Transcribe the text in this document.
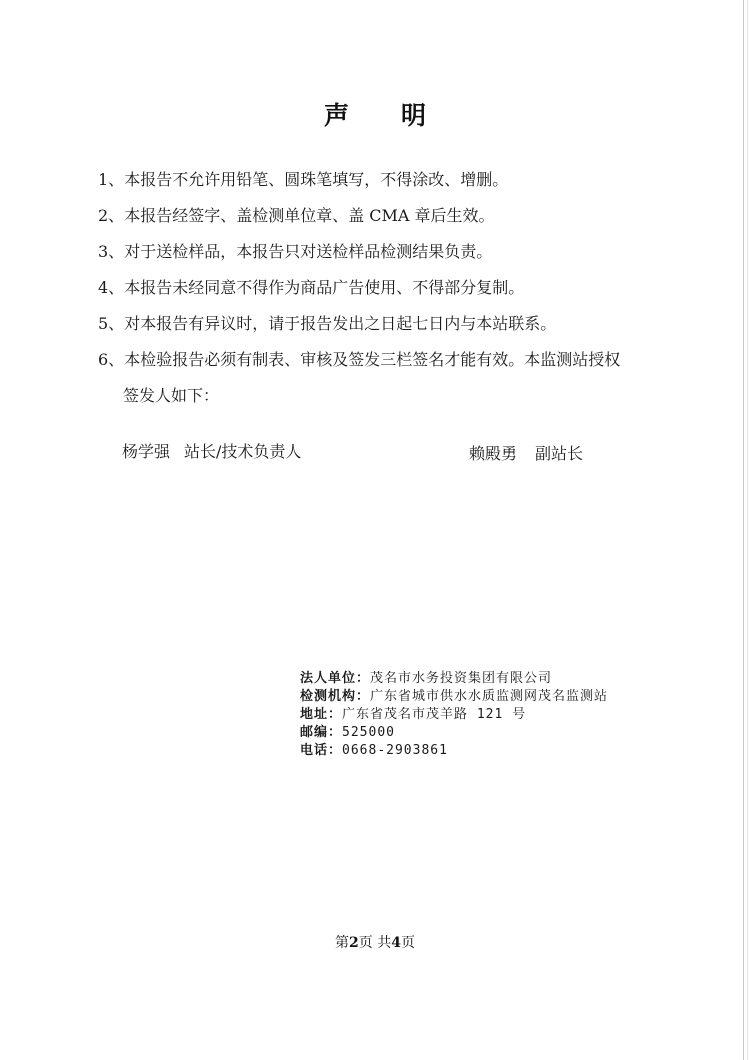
声明
1、本报告不允许用铅笔、圆珠笔填写，不得涂改、增删。
2、本报告经签字、盖检测单位章、盖 CMA 章后生效。
3、对于送检样品，本报告只对送检样品检测结果负责。
4、本报告未经同意不得作为商品广告使用、不得部分复制。
5、对本报告有异议时，请于报告发出之日起七日内与本站联系。
6、本检验报告必须有制表、审核及签发三栏签名才能有效。本监测站授权
签发人如下：
杨学强 站长/技术负责人	赖殿勇 副站长
法人单位：茂名市水务投资集团有限公司
检测机构：广东省城市供水水质监测网茂名监测站
地址：广东省茂名市茂羊路 121 号
邮编：525000
电话：0668-2903861
第2页 共4页
